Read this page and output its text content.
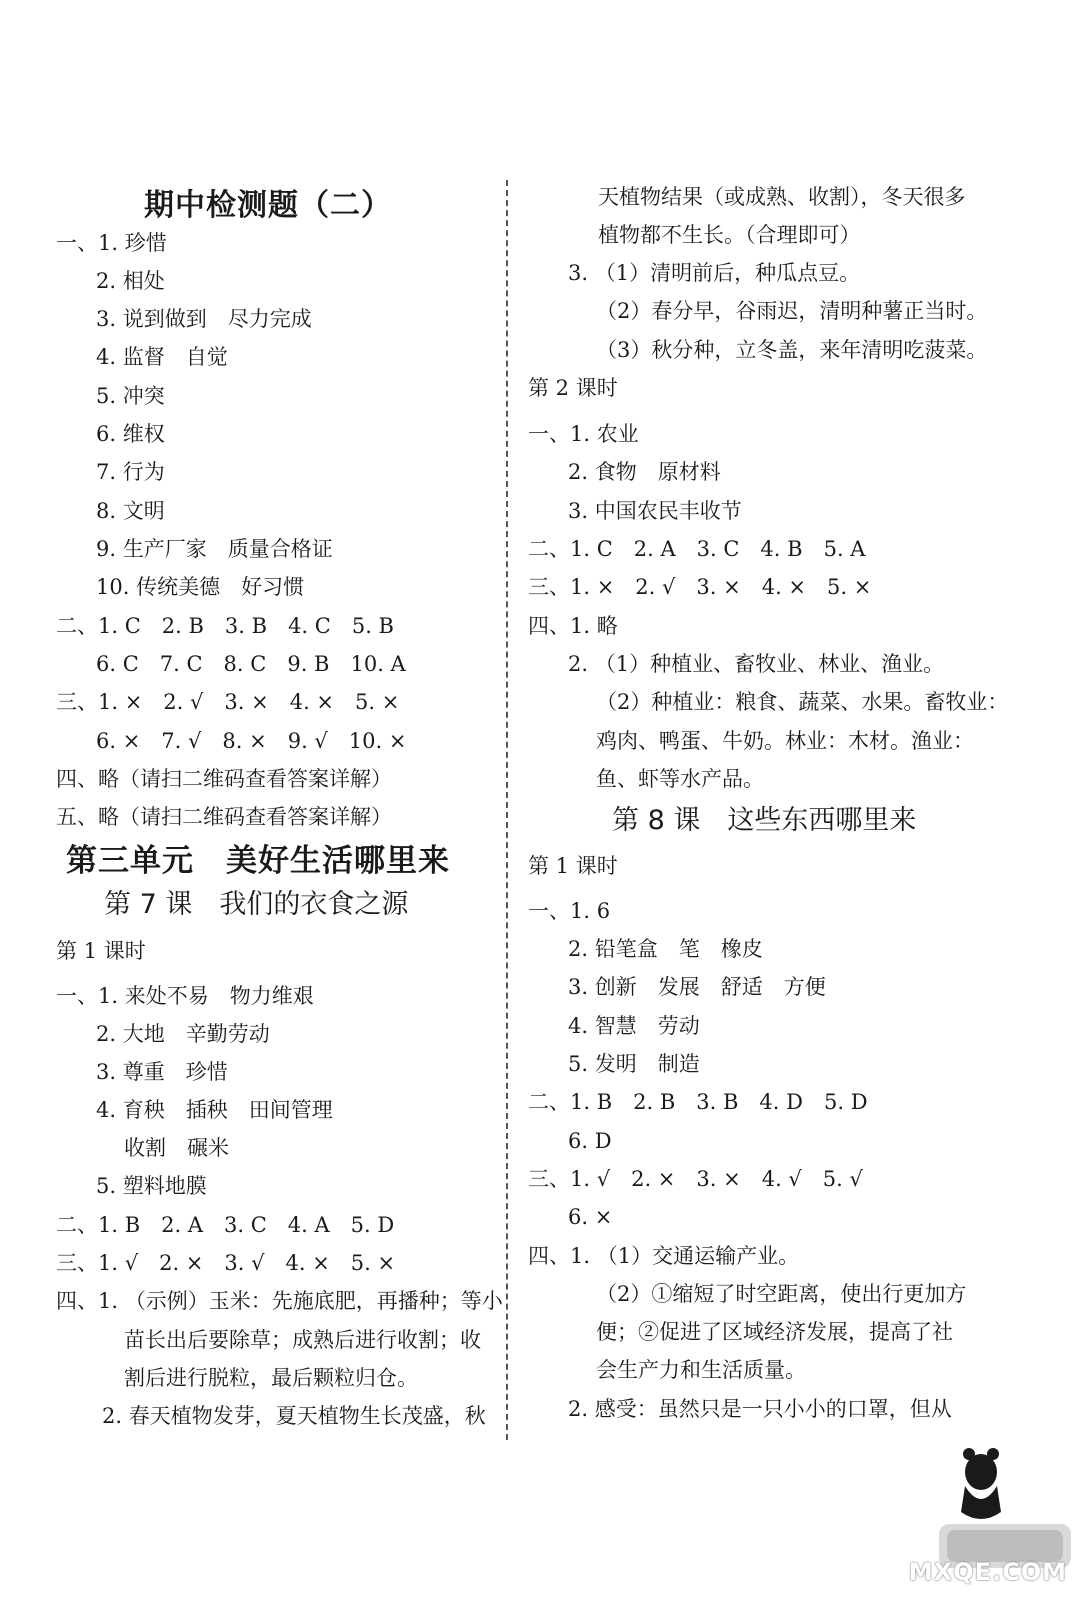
期中检测题（二）
一、1. 珍惜
2. 相处
3. 说到做到　尽力完成
4. 监督　自觉
5. 冲突
6. 维权
7. 行为
8. 文明
9. 生产厂家　质量合格证
10. 传统美德　好习惯
二、1. C　2. B　3. B　4. C　5. B
6. C　7. C　8. C　9. B　10. A
三、1. ×　2. √　3. ×　4. ×　5. ×
6. ×　7. √　8. ×　9. √　10. ×
四、略（请扫二维码查看答案详解）
五、略（请扫二维码查看答案详解）
第三单元　美好生活哪里来
第 7 课　我们的衣食之源
第 1 课时
一、1. 来处不易　物力维艰
2. 大地　辛勤劳动
3. 尊重　珍惜
4. 育秧　插秧　田间管理
收割　碾米
5. 塑料地膜
二、1. B　2. A　3. C　4. A　5. D
三、1. √　2. ×　3. √　4. ×　5. ×
四、1. （示例）玉米：先施底肥，再播种；等小
苗长出后要除草；成熟后进行收割；收
割后进行脱粒，最后颗粒归仓。
2. 春天植物发芽，夏天植物生长茂盛，秋
天植物结果（或成熟、收割），冬天很多
植物都不生长。（合理即可）
3. （1）清明前后，种瓜点豆。
（2）春分早，谷雨迟，清明种薯正当时。
（3）秋分种，立冬盖，来年清明吃菠菜。
第 2 课时
一、1. 农业
2. 食物　原材料
3. 中国农民丰收节
二、1. C　2. A　3. C　4. B　5. A
三、1. ×　2. √　3. ×　4. ×　5. ×
四、1. 略
2. （1）种植业、畜牧业、林业、渔业。
（2）种植业：粮食、蔬菜、水果。畜牧业：
鸡肉、鸭蛋、牛奶。林业：木材。渔业：
鱼、虾等水产品。
第 8 课　这些东西哪里来
第 1 课时
一、1. 6
2. 铅笔盒　笔　橡皮
3. 创新　发展　舒适　方便
4. 智慧　劳动
5. 发明　制造
二、1. B　2. B　3. B　4. D　5. D
6. D
三、1. √　2. ×　3. ×　4. √　5. √
6. ×
四、1. （1）交通运输产业。
（2）①缩短了时空距离，使出行更加方
便；②促进了区域经济发展，提高了社
会生产力和生活质量。
2. 感受：虽然只是一只小小的口罩，但从
MXQE.COM
